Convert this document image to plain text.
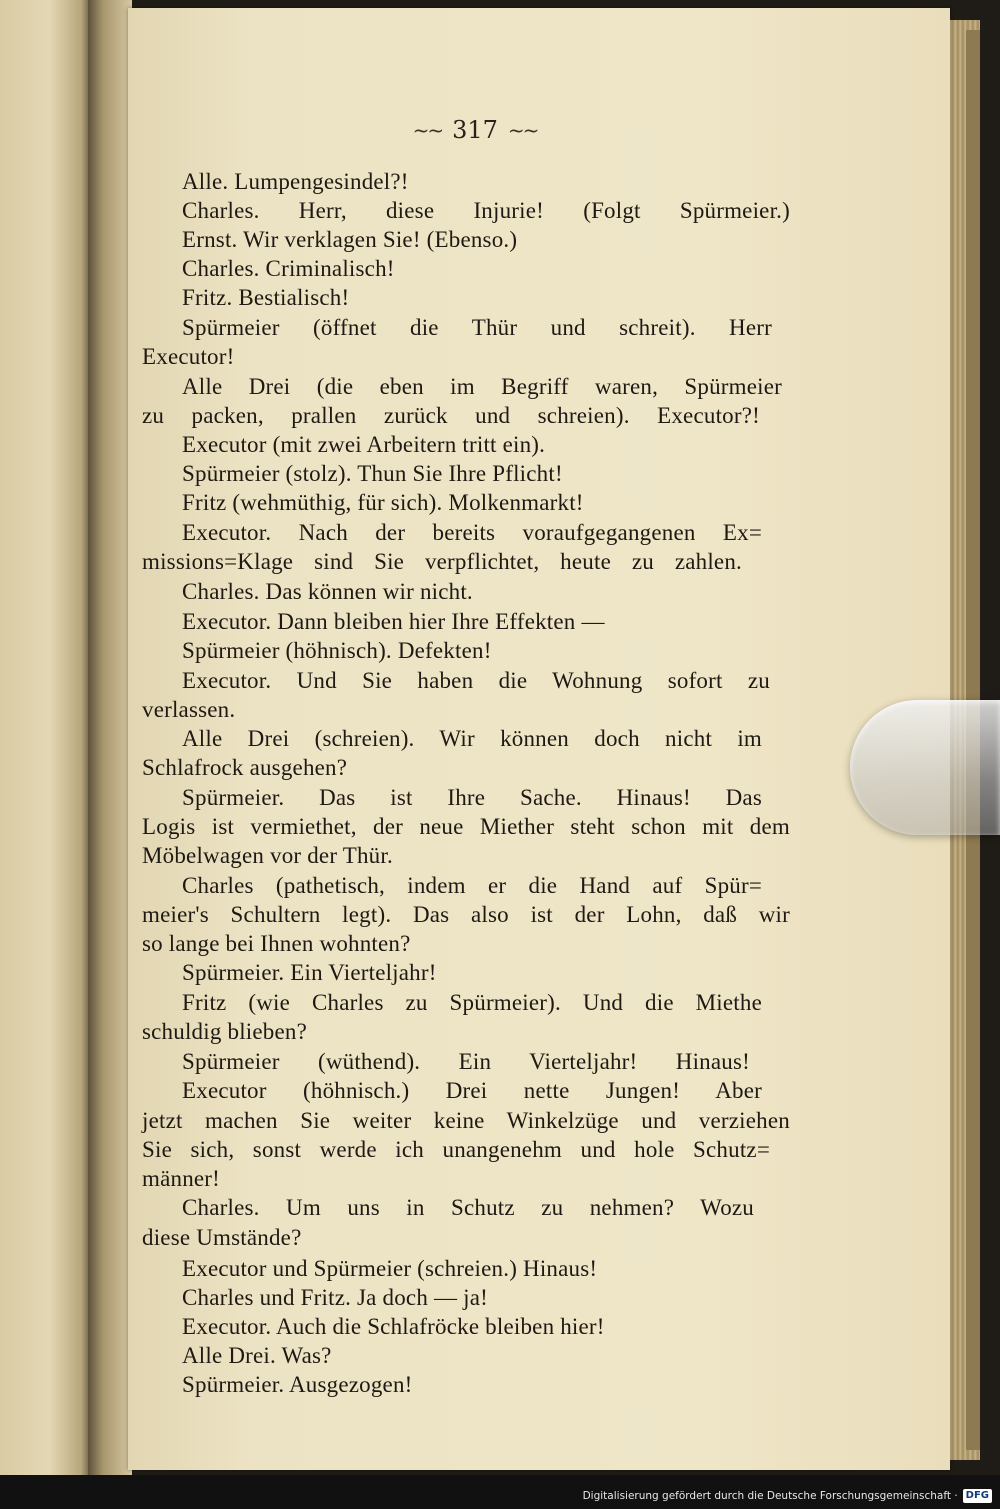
~~ 317 ~~
Alle. Lumpengesindel?!
Charles. Herr, diese Injurie! (Folgt Spürmeier.)
Ernst. Wir verklagen Sie! (Ebenso.)
Charles. Criminalisch!
Fritz. Bestialisch!
Spürmeier (öffnet die Thür und schreit). Herr
Executor!
Alle Drei (die eben im Begriff waren, Spürmeier
zu packen, prallen zurück und schreien). Executor?!
Executor (mit zwei Arbeitern tritt ein).
Spürmeier (stolz). Thun Sie Ihre Pflicht!
Fritz (wehmüthig, für sich). Molkenmarkt!
Executor. Nach der bereits voraufgegangenen Ex=
missions=Klage sind Sie verpflichtet, heute zu zahlen.
Charles. Das können wir nicht.
Executor. Dann bleiben hier Ihre Effekten —
Spürmeier (höhnisch). Defekten!
Executor. Und Sie haben die Wohnung sofort zu
verlassen.
Alle Drei (schreien). Wir können doch nicht im
Schlafrock ausgehen?
Spürmeier. Das ist Ihre Sache. Hinaus! Das
Logis ist vermiethet, der neue Miether steht schon mit dem
Möbelwagen vor der Thür.
Charles (pathetisch, indem er die Hand auf Spür=
meier's Schultern legt). Das also ist der Lohn, daß wir
so lange bei Ihnen wohnten?
Spürmeier. Ein Vierteljahr!
Fritz (wie Charles zu Spürmeier). Und die Miethe
schuldig blieben?
Spürmeier (wüthend). Ein Vierteljahr! Hinaus!
Executor (höhnisch.) Drei nette Jungen! Aber
jetzt machen Sie weiter keine Winkelzüge und verziehen
Sie sich, sonst werde ich unangenehm und hole Schutz=
männer!
Charles. Um uns in Schutz zu nehmen? Wozu
diese Umstände?
Executor und Spürmeier (schreien.) Hinaus!
Charles und Fritz. Ja doch — ja!
Executor. Auch die Schlafröcke bleiben hier!
Alle Drei. Was?
Spürmeier. Ausgezogen!
Digitalisierung gefördert durch die Deutsche Forschungsgemeinschaft · DFG
